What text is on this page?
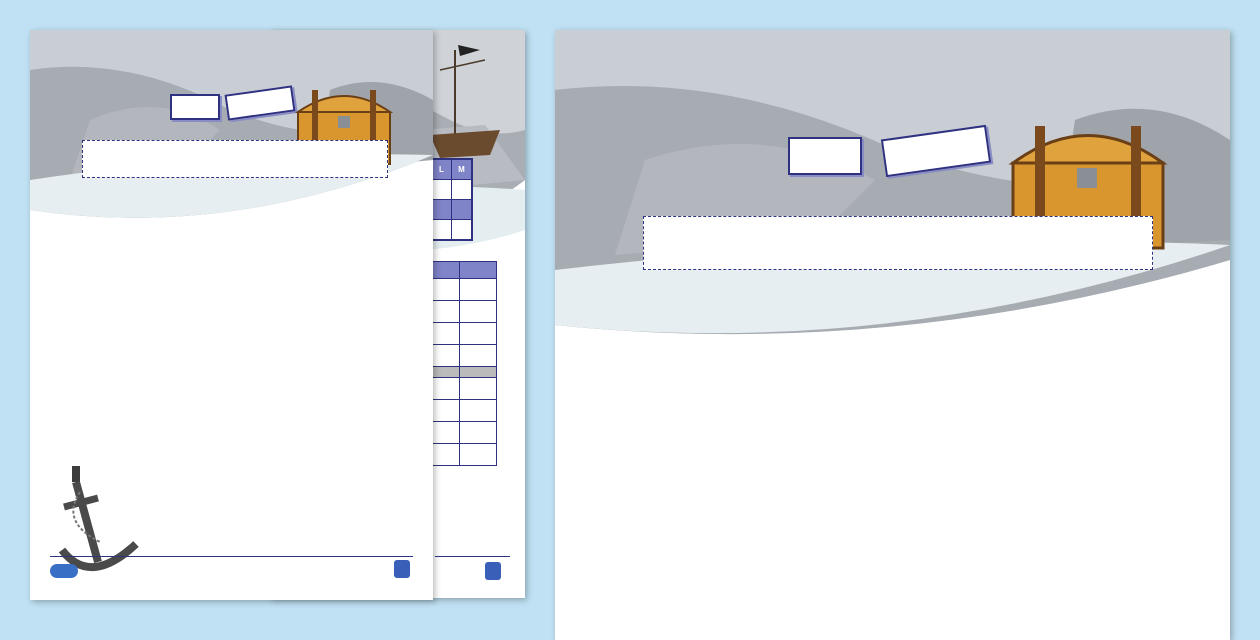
L	M
